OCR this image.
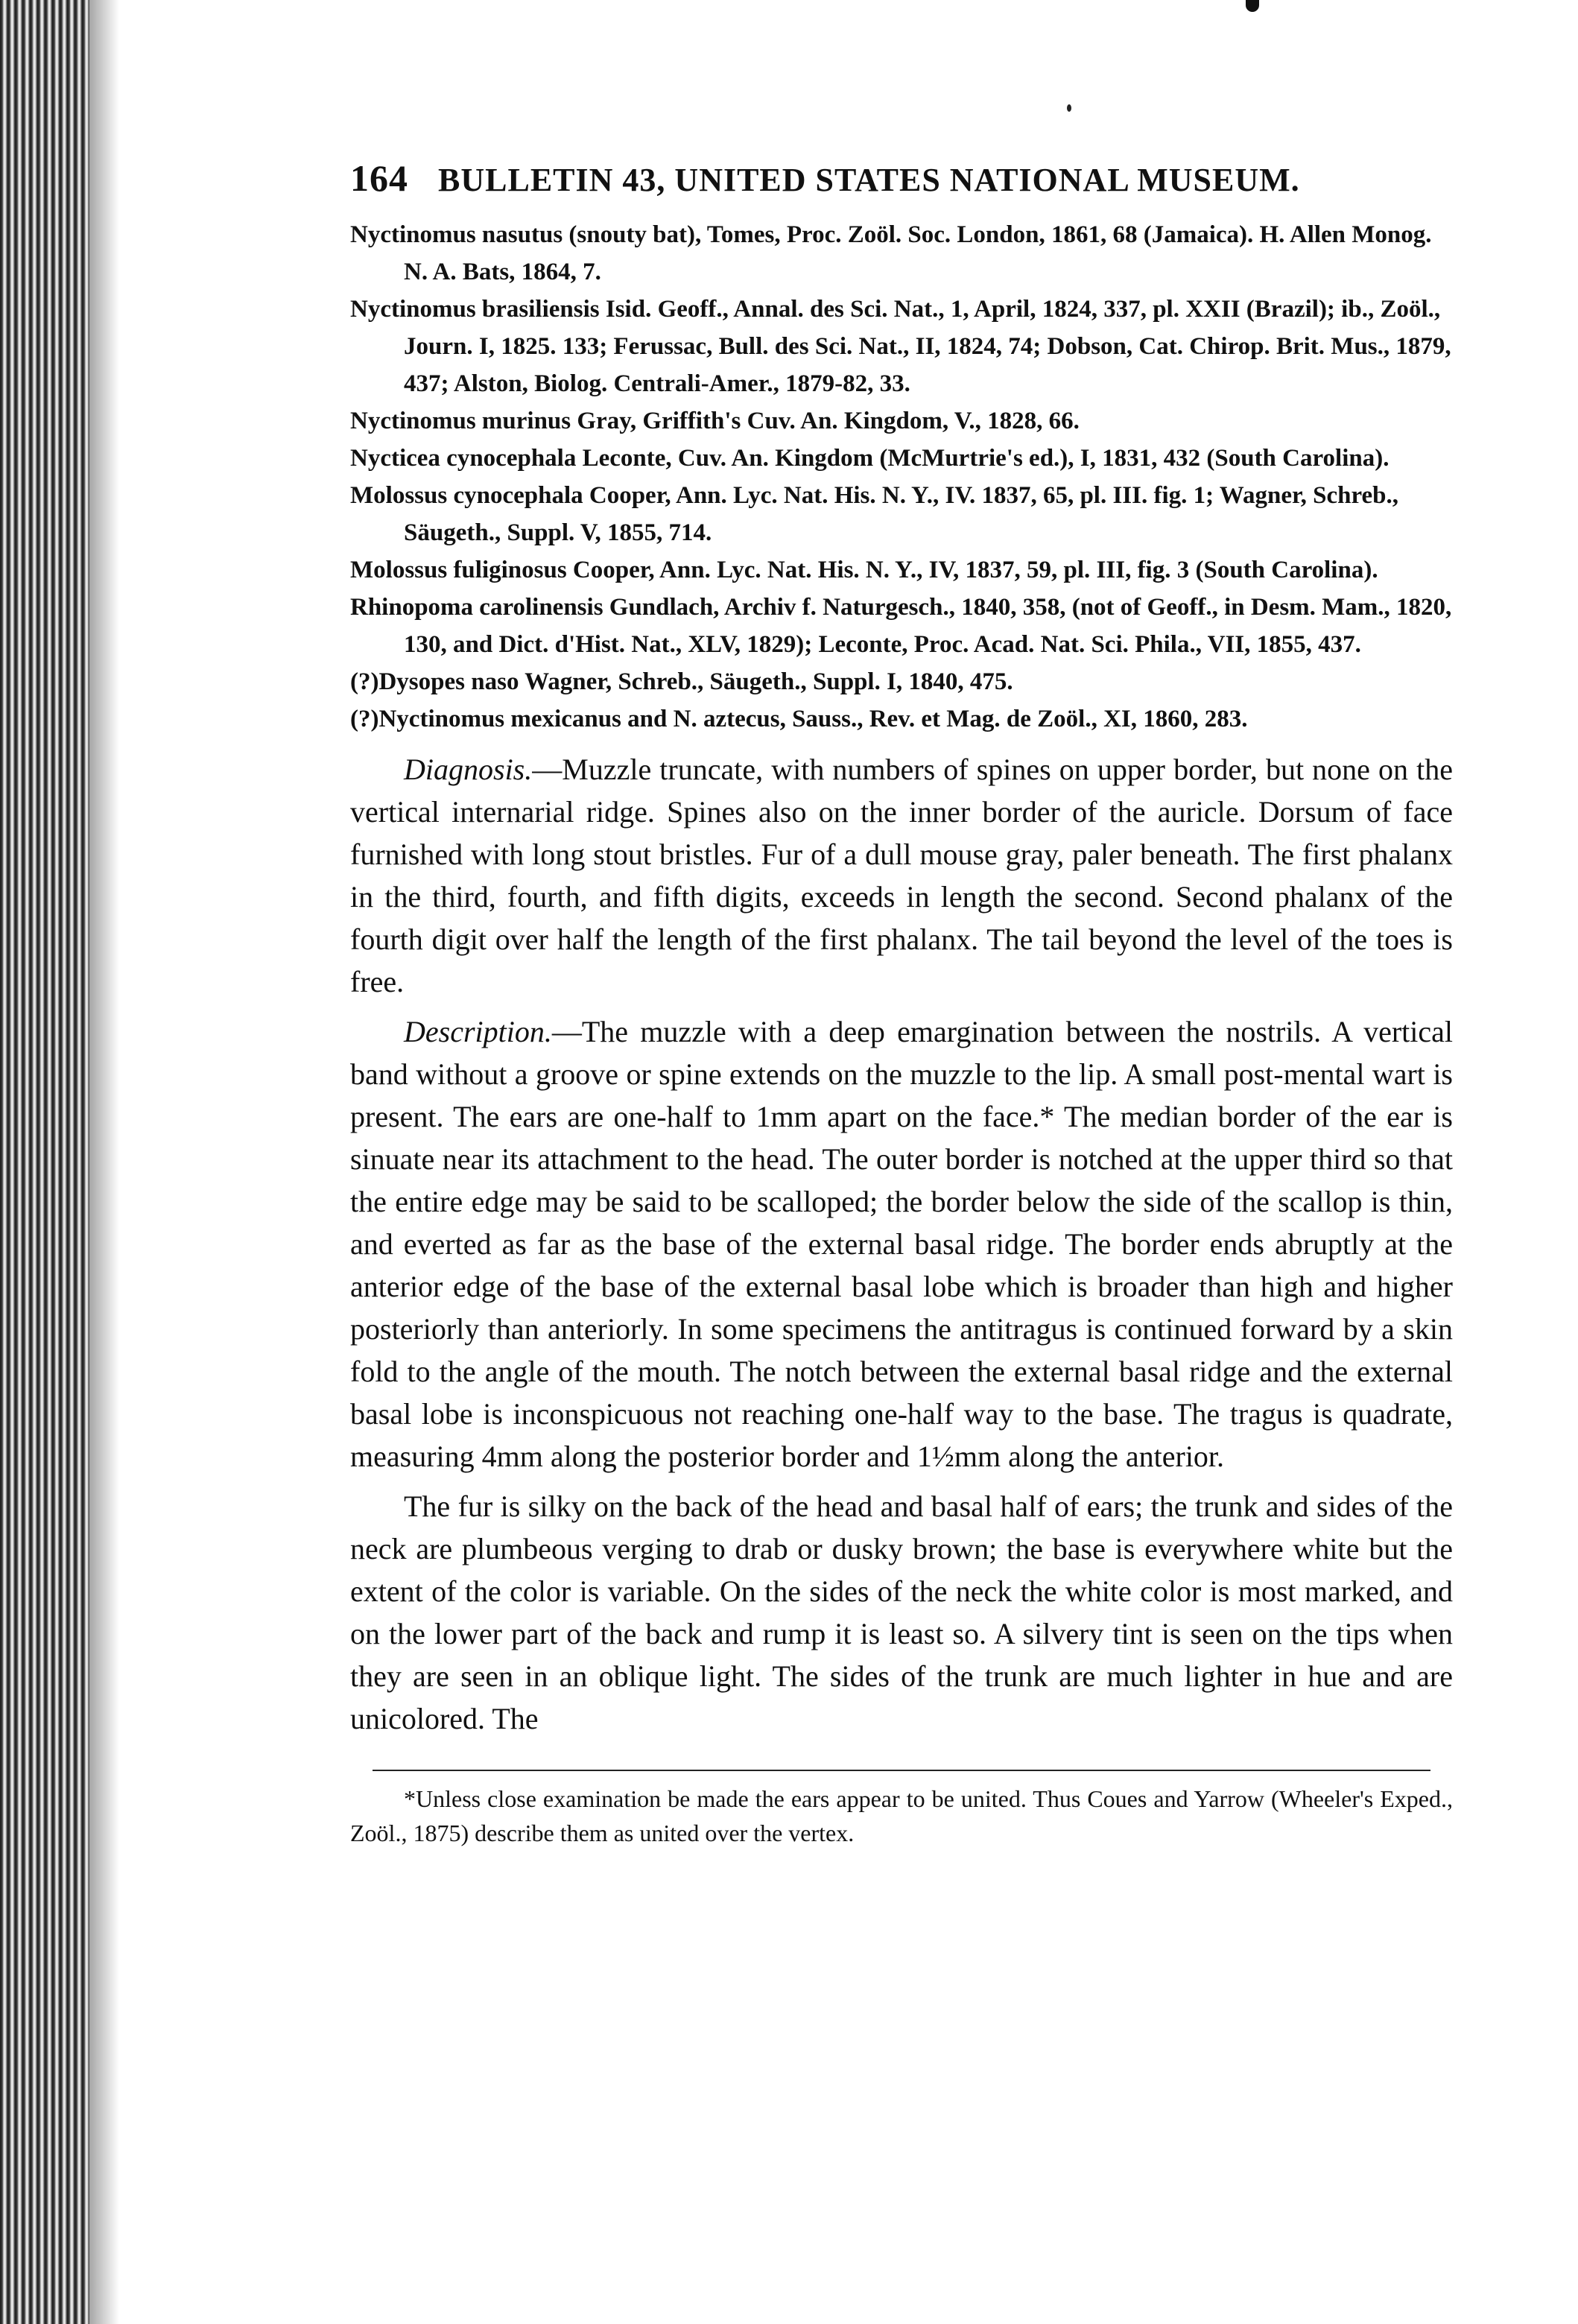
164 BULLETIN 43, UNITED STATES NATIONAL MUSEUM.

Nyctinomus nasutus (snouty bat), Tomes, Proc. Zoöl. Soc. London, 1861, 68 (Jamaica). H. Allen Monog. N. A. Bats, 1864, 7.

Nyctinomus brasiliensis Isid. Geoff., Annal. des Sci. Nat., 1, April, 1824, 337, pl. XXII (Brazil); ib., Zoöl., Journ. I, 1825. 133; Ferussac, Bull. des Sci. Nat., II, 1824, 74; Dobson, Cat. Chirop. Brit. Mus., 1879, 437; Alston, Biolog. Centrali-Amer., 1879-82, 33.

Nyctinomus murinus Gray, Griffith's Cuv. An. Kingdom, V., 1828, 66.

Nycticea cynocephala Leconte, Cuv. An. Kingdom (McMurtrie's ed.), I, 1831, 432 (South Carolina).

Molossus cynocephala Cooper, Ann. Lyc. Nat. His. N. Y., IV. 1837, 65, pl. III. fig. 1; Wagner, Schreb., Säugeth., Suppl. V, 1855, 714.

Molossus fuliginosus Cooper, Ann. Lyc. Nat. His. N. Y., IV, 1837, 59, pl. III, fig. 3 (South Carolina).

Rhinopoma carolinensis Gundlach, Archiv f. Naturgesch., 1840, 358, (not of Geoff., in Desm. Mam., 1820, 130, and Dict. d'Hist. Nat., XLV, 1829); Leconte, Proc. Acad. Nat. Sci. Phila., VII, 1855, 437.

(?)Dysopes naso Wagner, Schreb., Säugeth., Suppl. I, 1840, 475.

(?)Nyctinomus mexicanus and N. aztecus, Sauss., Rev. et Mag. de Zoöl., XI, 1860, 283.

Diagnosis.—Muzzle truncate, with numbers of spines on upper border, but none on the vertical internarial ridge. Spines also on the inner border of the auricle. Dorsum of face furnished with long stout bristles. Fur of a dull mouse gray, paler beneath. The first phalanx in the third, fourth, and fifth digits, exceeds in length the second. Second phalanx of the fourth digit over half the length of the first phalanx. The tail beyond the level of the toes is free.

Description.—The muzzle with a deep emargination between the nostrils. A vertical band without a groove or spine extends on the muzzle to the lip. A small post-mental wart is present. The ears are one-half to 1mm apart on the face.* The median border of the ear is sinuate near its attachment to the head. The outer border is notched at the upper third so that the entire edge may be said to be scalloped; the border below the side of the scallop is thin, and everted as far as the base of the external basal ridge. The border ends abruptly at the anterior edge of the base of the external basal lobe which is broader than high and higher posteriorly than anteriorly. In some specimens the antitragus is continued forward by a skin fold to the angle of the mouth. The notch between the external basal ridge and the external basal lobe is inconspicuous not reaching one-half way to the base. The tragus is quadrate, measuring 4mm along the posterior border and 1½mm along the anterior.

The fur is silky on the back of the head and basal half of ears; the trunk and sides of the neck are plumbeous verging to drab or dusky brown; the base is everywhere white but the extent of the color is variable. On the sides of the neck the white color is most marked, and on the lower part of the back and rump it is least so. A silvery tint is seen on the tips when they are seen in an oblique light. The sides of the trunk are much lighter in hue and are unicolored. The

*Unless close examination be made the ears appear to be united. Thus Coues and Yarrow (Wheeler's Exped., Zoöl., 1875) describe them as united over the vertex.
